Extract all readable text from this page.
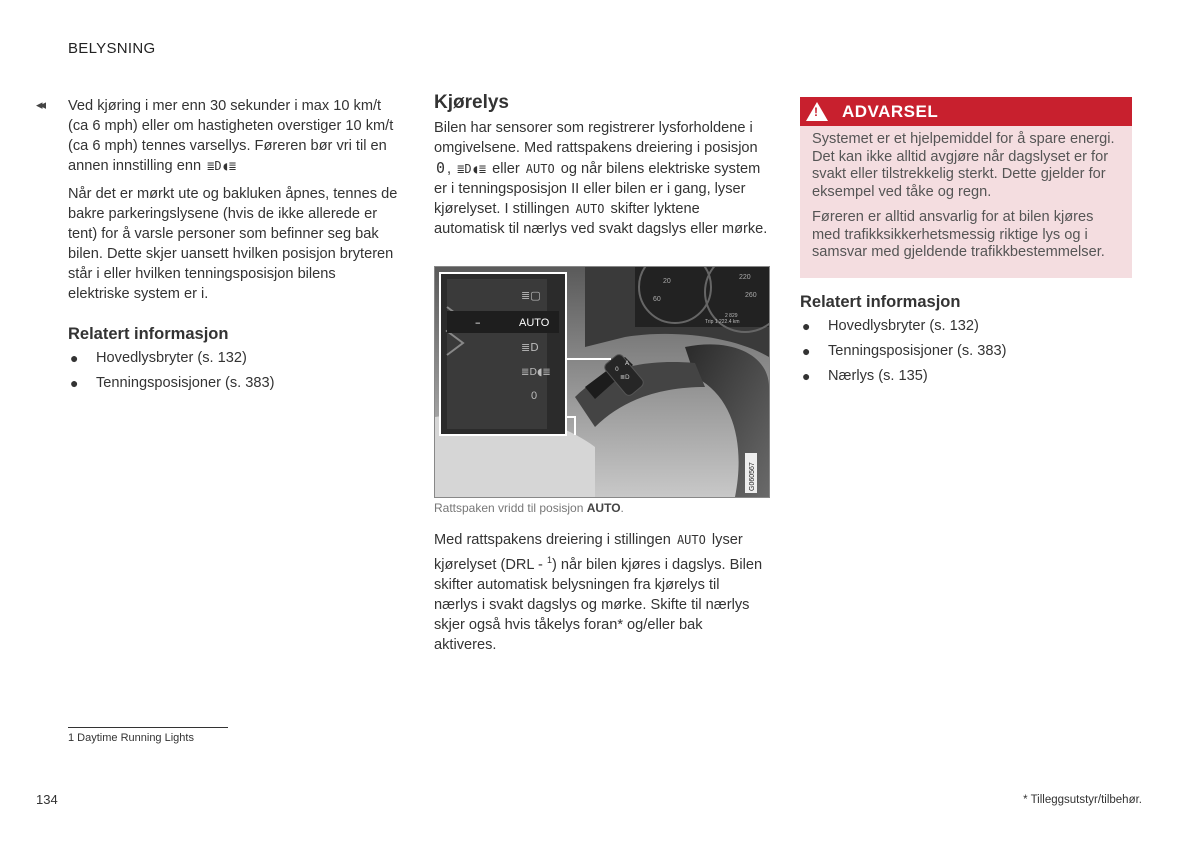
BELYSNING
◂◂ Ved kjøring i mer enn 30 sekunder i max 10 km/t (ca 6 mph) eller om hastigheten overstiger 10 km/t (ca 6 mph) tennes varsellys. Føreren bør vri til en annen innstilling enn ≣D◖≣

Når det er mørkt ute og bakluken åpnes, tennes de bakre parkeringslysene (hvis de ikke allerede er tent) for å varsle personer som befinner seg bak bilen. Dette skjer uansett hvilken posisjon bryteren står i eller hvilken tenningsposisjon bilens elektriske system er i.

Relatert informasjon
● Hovedlysbryter (s. 132)
● Tenningsposisjoner (s. 383)
Kjørelys

Bilen har sensorer som registrerer lysforholdene i omgivelsene. Med rattspakens dreiering i posisjon 0 , ≣D◖≣ eller AUTO og når bilens elektriske system er i tenningsposisjon II eller bilen er i gang, lyser kjørelyset. I stillingen AUTO skifter lyktene automatisk til nærlys ved svakt dagslys eller mørke.

20
60
220
260
2 829
Trip 1 222.4 km
0
≣D
A
≣▢
–	AUTO
≣D
≣D◖≣
0
G060567
Rattspaken vridd til posisjon AUTO.

Med rattspakens dreiering i stillingen AUTO lyser kjørelyset (DRL - $^1$) når bilen kjøres i dagslys. Bilen skifter automatisk belysningen fra kjørelys til nærlys i svakt dagslys og mørke. Skifte til nærlys skjer også hvis tåkelys foran* og/eller bak aktiveres.

! ADVARSEL

Systemet er et hjelpemiddel for å spare energi. Det kan ikke alltid avgjøre når dagslyset er for svakt eller tilstrekkelig sterkt. Dette gjelder for eksempel ved tåke og regn.

Føreren er alltid ansvarlig for at bilen kjøres med trafikksikkerhetsmessig riktige lys og i samsvar med gjeldende trafikkbestemmelser.

Relatert informasjon
● Hovedlysbryter (s. 132)
● Tenningsposisjoner (s. 383)
● Nærlys (s. 135)
1 Daytime Running Lights
134	* Tilleggsutstyr/tilbehør.
